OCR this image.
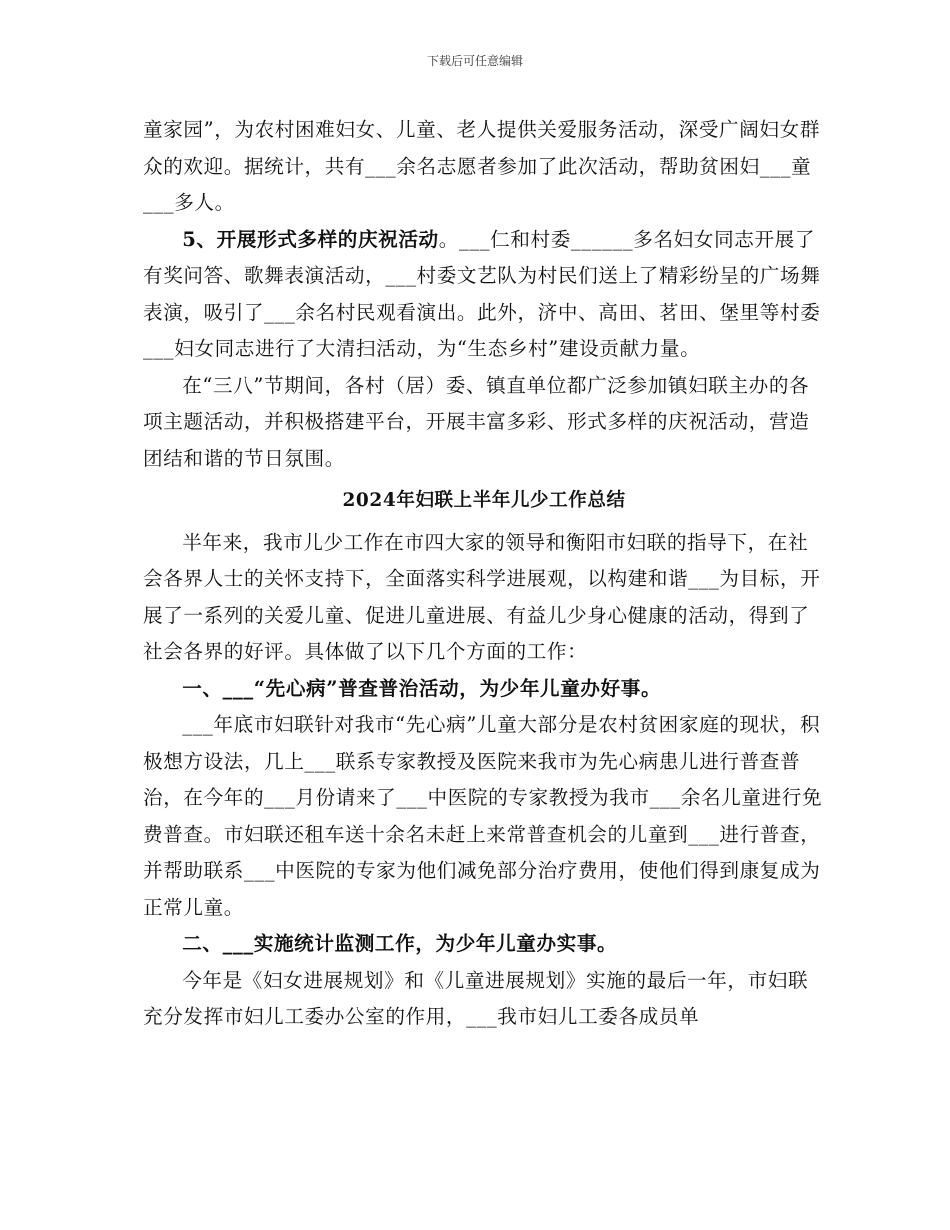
下载后可任意编辑

童家园”，为农村困难妇女、儿童、老人提供关爱服务活动，深受广阔妇女群众的欢迎。据统计，共有___余名志愿者参加了此次活动，帮助贫困妇___童___多人。

5、开展形式多样的庆祝活动。___仁和村委______多名妇女同志开展了有奖问答、歌舞表演活动，___村委文艺队为村民们送上了精彩纷呈的广场舞表演，吸引了___余名村民观看演出。此外，济中、高田、茗田、堡里等村委___妇女同志进行了大清扫活动，为“生态乡村”建设贡献力量。

在“三八”节期间，各村（居）委、镇直单位都广泛参加镇妇联主办的各项主题活动，并积极搭建平台，开展丰富多彩、形式多样的庆祝活动，营造团结和谐的节日氛围。

2024年妇联上半年儿少工作总结

半年来，我市儿少工作在市四大家的领导和衡阳市妇联的指导下，在社会各界人士的关怀支持下，全面落实科学进展观，以构建和谐___为目标，开展了一系列的关爱儿童、促进儿童进展、有益儿少身心健康的活动，得到了社会各界的好评。具体做了以下几个方面的工作：

一、___“先心病”普查普治活动，为少年儿童办好事。

___年底市妇联针对我市“先心病”儿童大部分是农村贫困家庭的现状，积极想方设法，几上___联系专家教授及医院来我市为先心病患儿进行普查普治，在今年的___月份请来了___中医院的专家教授为我市___余名儿童进行免费普查。市妇联还租车送十余名未赶上来常普查机会的儿童到___进行普查，并帮助联系___中医院的专家为他们减免部分治疗费用，使他们得到康复成为正常儿童。

二、___实施统计监测工作，为少年儿童办实事。

今年是《妇女进展规划》和《儿童进展规划》实施的最后一年，市妇联充分发挥市妇儿工委办公室的作用，___我市妇儿工委各成员单
